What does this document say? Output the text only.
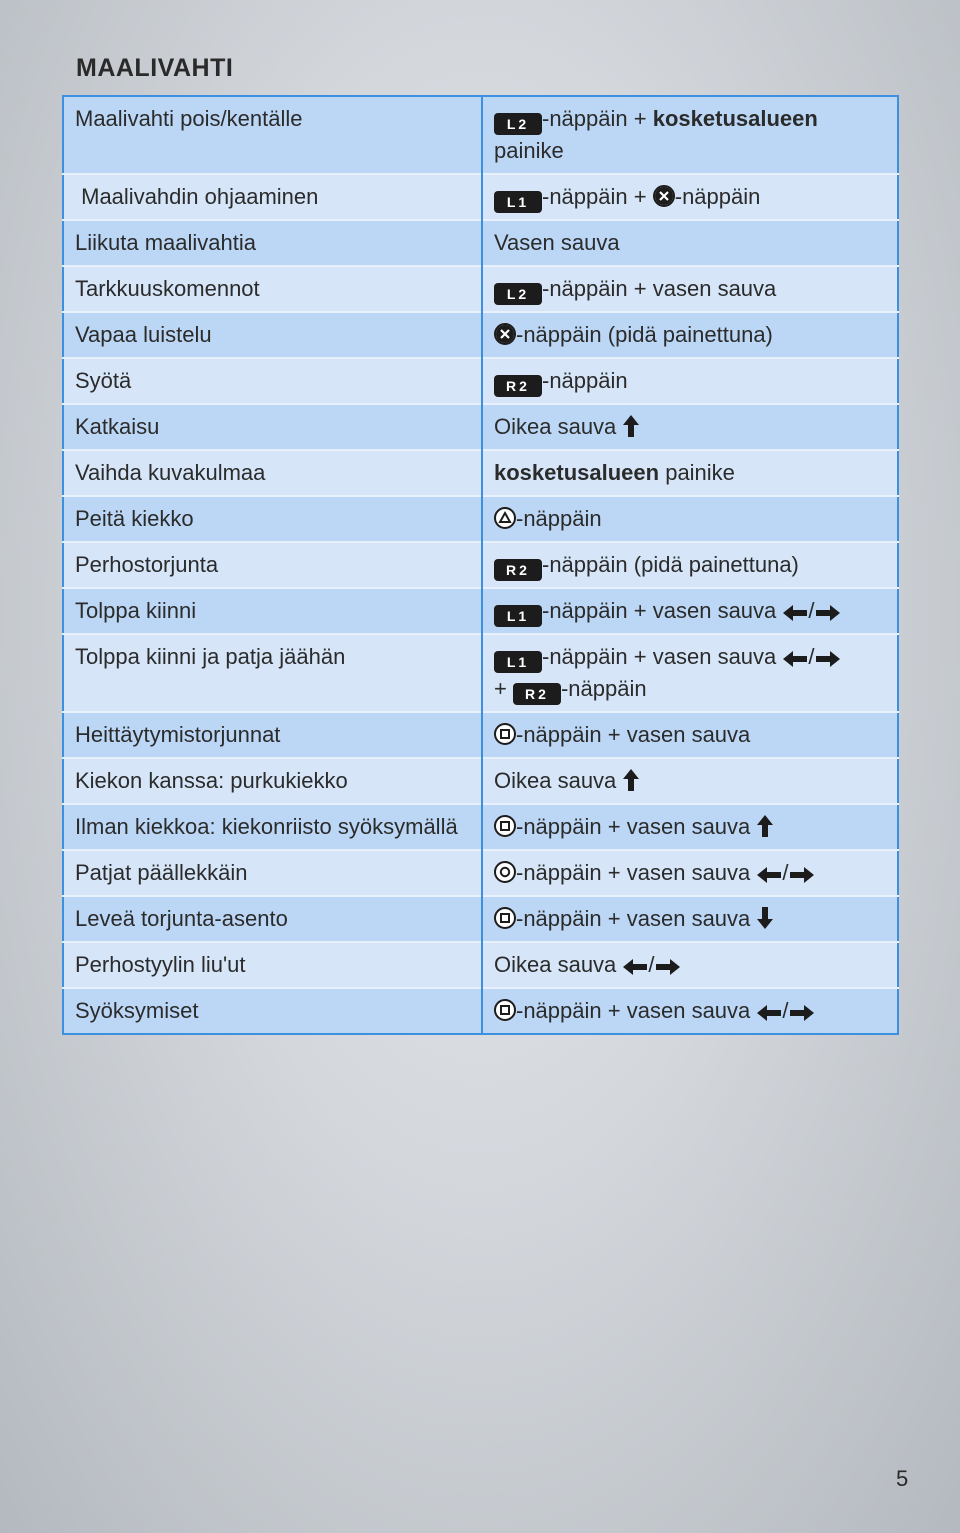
MAALIVAHTI
Maalivahti pois/kentälle	L2 -näppäin + kosketusalueen
painike
Maalivahdin ohjaaminen	L1 -näppäin + -näppäin
Liikuta maalivahtia	Vasen sauva
Tarkkuuskomennot	L2 -näppäin + vasen sauva
Vapaa luistelu	-näppäin (pidä painettuna)
Syötä	R2 -näppäin
Katkaisu	Oikea sauva
Vaihda kuvakulmaa	kosketusalueen painike
Peitä kiekko	-näppäin
Perhostorjunta	R2 -näppäin (pidä painettuna)
Tolppa kiinni	L1 -näppäin + vasen sauva /
Tolppa kiinni ja patja jäähän	L1 -näppäin + vasen sauva /
+ R2 -näppäin
Heittäytymistorjunnat	-näppäin + vasen sauva
Kiekon kanssa: purkukiekko	Oikea sauva
Ilman kiekkoa: kiekonriisto syöksymällä	-näppäin + vasen sauva
Patjat päällekkäin	-näppäin + vasen sauva /
Leveä torjunta-asento	-näppäin + vasen sauva
Perhostyylin liu'ut	Oikea sauva /
Syöksymiset	-näppäin + vasen sauva /
5
